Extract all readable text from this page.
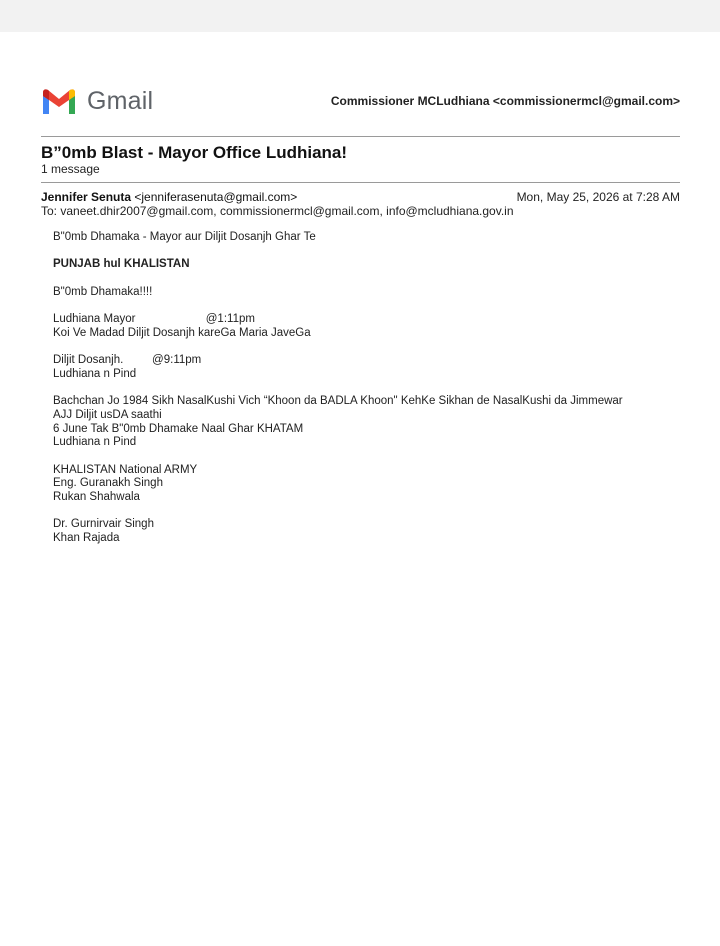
Gmail	Commissioner MCLudhiana <commissionermcl@gmail.com>
B”0mb Blast - Mayor Office Ludhiana!
1 message
Jennifer Senuta <jenniferasenuta@gmail.com>	Mon, May 25, 2026 at 7:28 AM
To: vaneet.dhir2007@gmail.com, commissionermcl@gmail.com, info@mcludhiana.gov.in
B"0mb Dhamaka - Mayor aur Diljit Dosanjh Ghar Te
PUNJAB hul KHALISTAN
B"0mb Dhamaka!!!!
Ludhiana Mayor                      @1:11pm
Koi Ve Madad Diljit Dosanjh kareGa Maria JaveGa
Diljit Dosanjh.         @9:11pm
Ludhiana n Pind
Bachchan Jo 1984 Sikh NasalKushi Vich “Khoon da BADLA Khoon" KehKe Sikhan de NasalKushi da Jimmewar
AJJ Diljit usDA saathi
6 June Tak B"0mb Dhamake Naal Ghar KHATAM
Ludhiana n Pind
KHALISTAN National ARMY
Eng. Guranakh Singh
Rukan Shahwala
Dr. Gurnirvair Singh
Khan Rajada
